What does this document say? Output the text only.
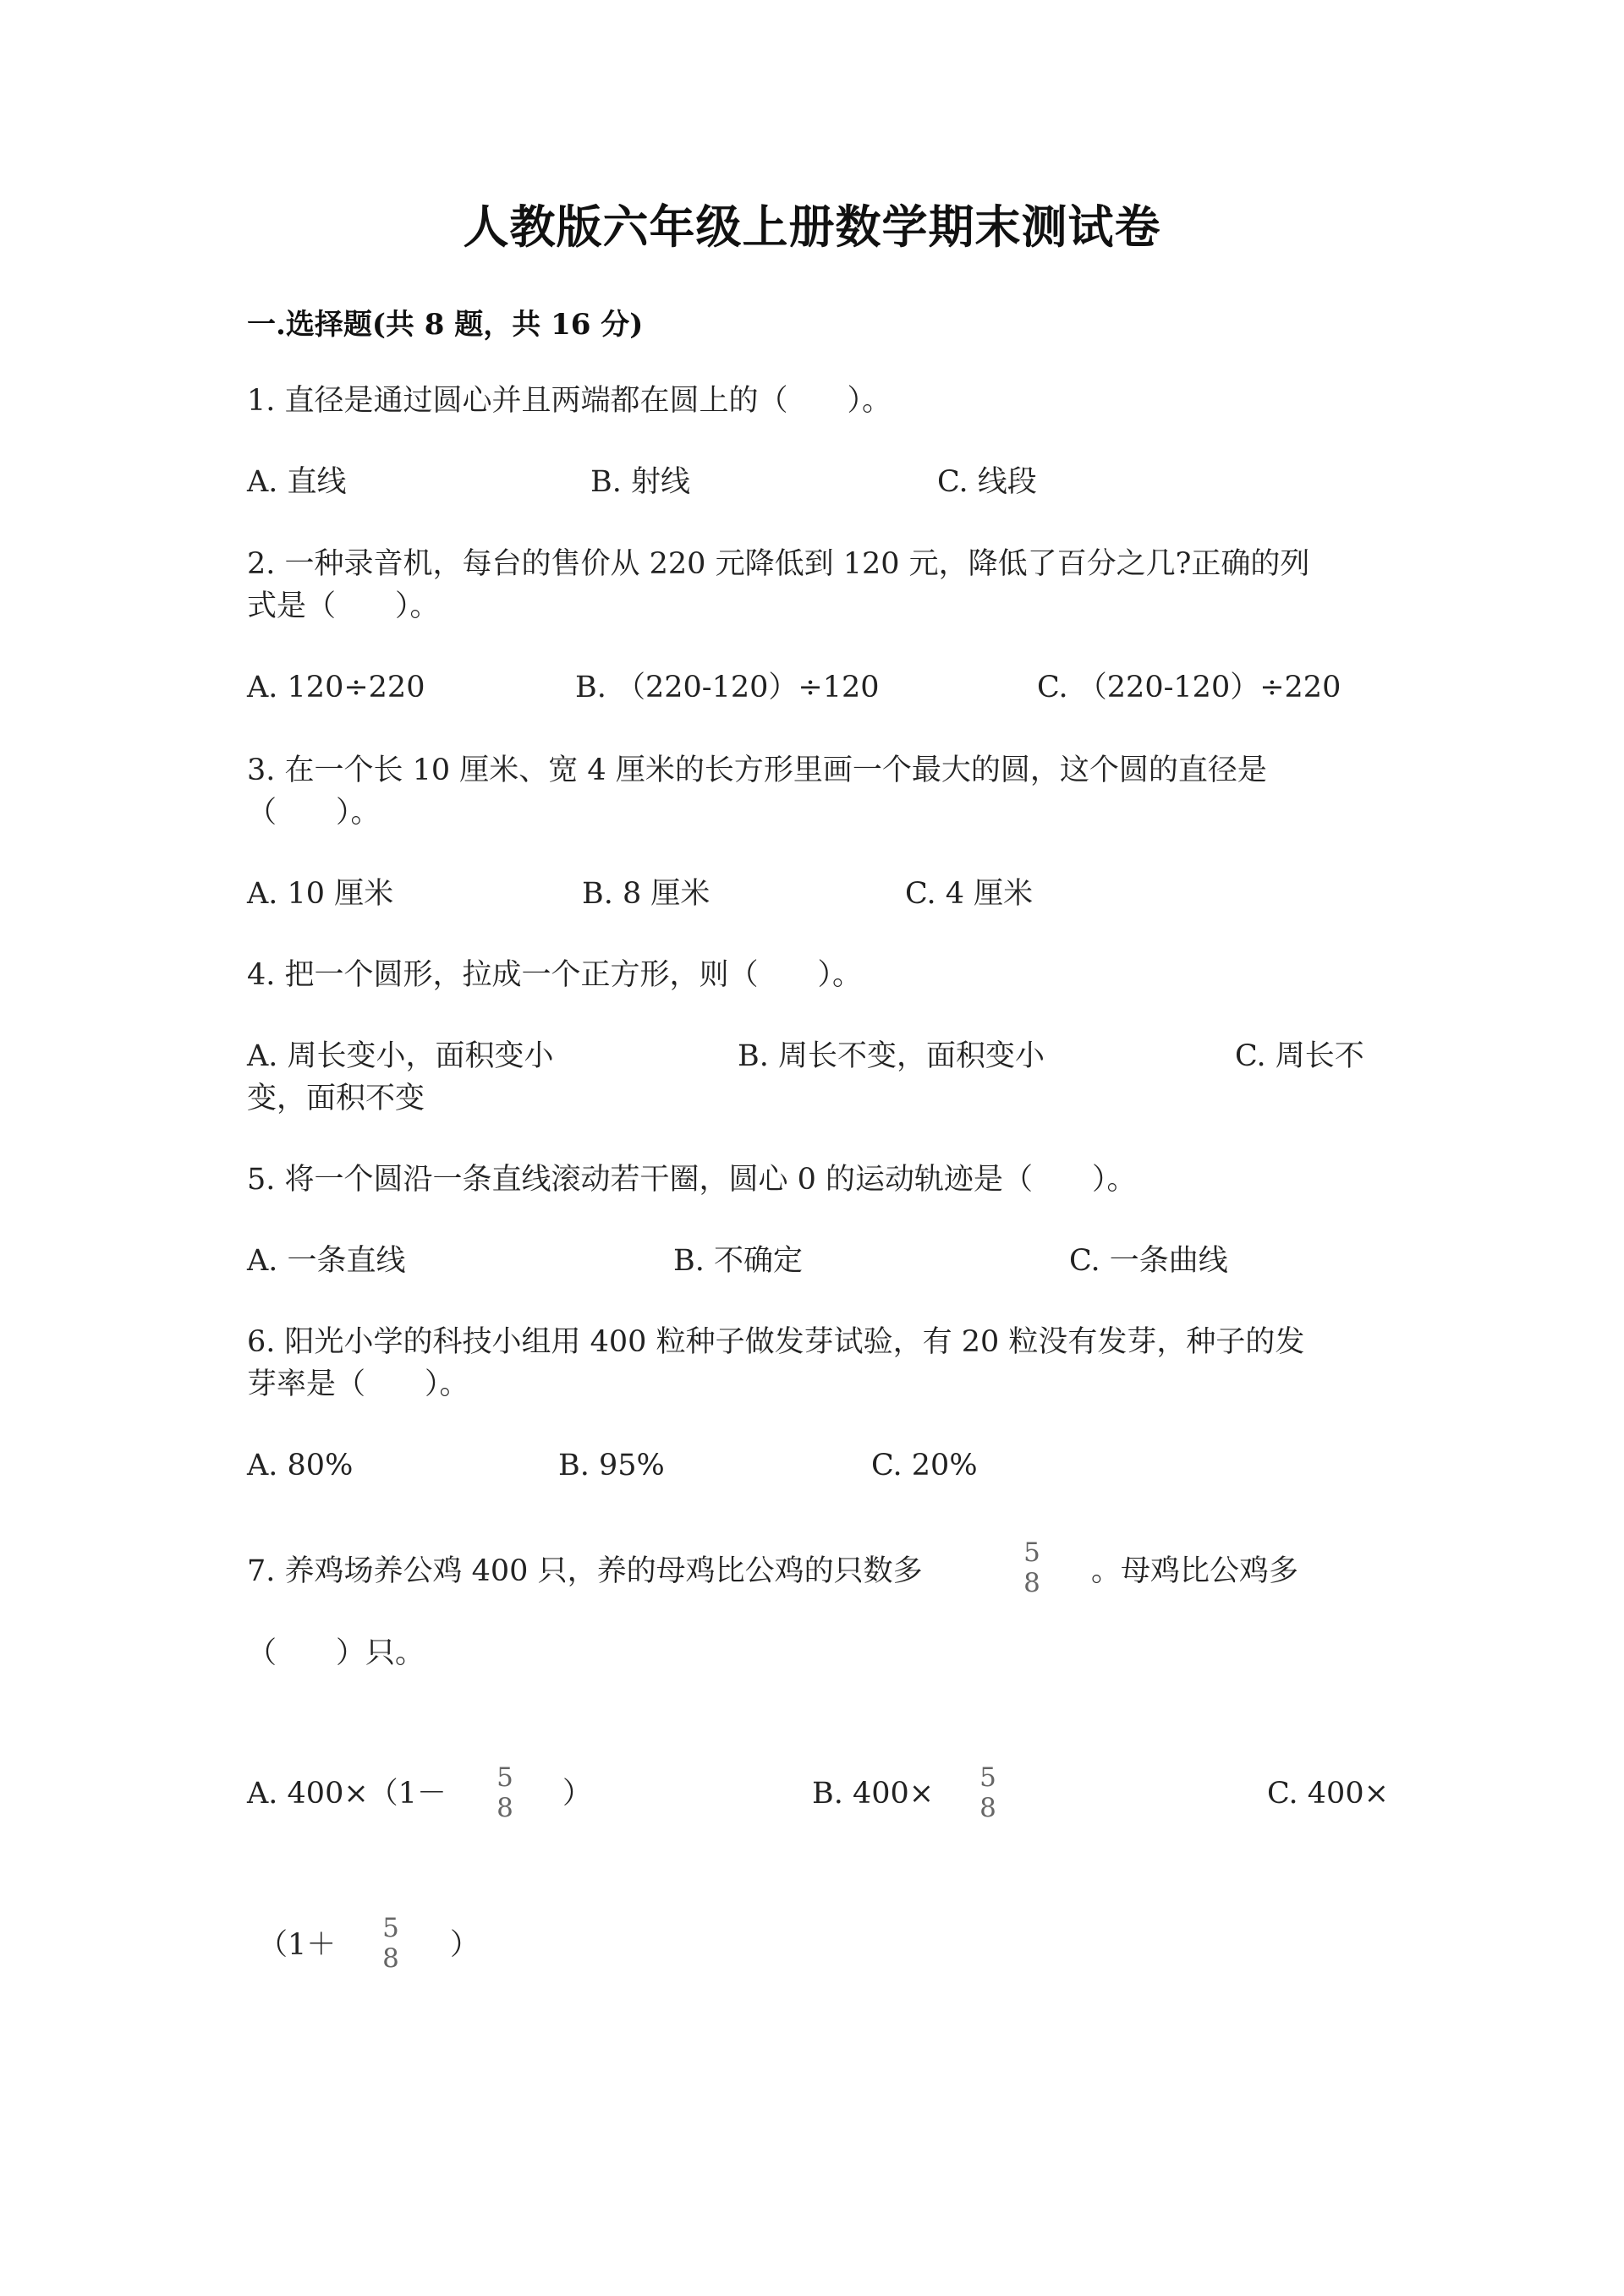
人教版六年级上册数学期末测试卷
一.选择题(共 8 题，共 16 分)
1. 直径是通过圆心并且两端都在圆上的（　　）。
A. 直线	B. 射线	C. 线段
2. 一种录音机，每台的售价从 220 元降低到 120 元，降低了百分之几?正确的列
式是（　　）。
A. 120÷220	B. （220-120）÷120	C. （220-120）÷220
3. 在一个长 10 厘米、宽 4 厘米的长方形里画一个最大的圆，这个圆的直径是
（　　）。
A. 10 厘米	B. 8 厘米	C. 4 厘米
4. 把一个圆形，拉成一个正方形，则（　　）。
A. 周长变小，面积变小	B. 周长不变，面积变小	C. 周长不
变，面积不变
5. 将一个圆沿一条直线滚动若干圈，圆心 0 的运动轨迹是（　　）。
A. 一条直线	B. 不确定	C. 一条曲线
6. 阳光小学的科技小组用 400 粒种子做发芽试验，有 20 粒没有发芽，种子的发
芽率是（　　）。
A. 80%	B. 95%	C. 20%
7. 养鸡场养公鸡 400 只，养的母鸡比公鸡的只数多
5
8 。母鸡比公鸡多
（　　）只。
A. 400×（1－	5
8 ）	B. 400×	5
8	C. 400×
（1＋	5
8 ）
